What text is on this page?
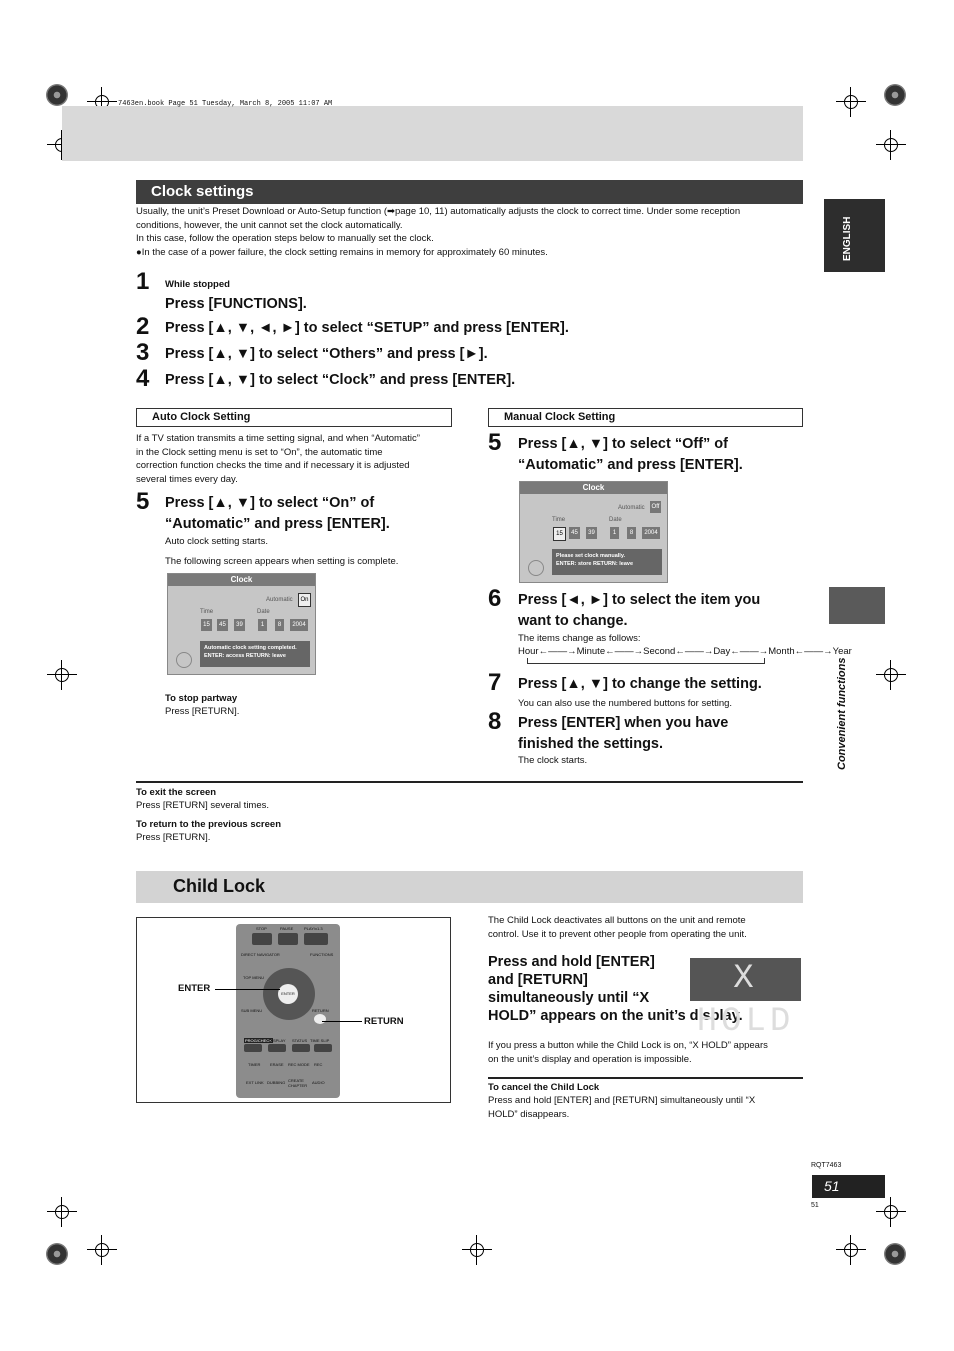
7463en.book Page 51 Tuesday, March 8, 2005 11:07 AM
Clock settings
Usually, the unit’s Preset Download or Auto-Setup function (➡page 10, 11) automatically adjusts the clock to correct time. Under some reception
conditions, however, the unit cannot set the clock automatically.
In this case, follow the operation steps below to manually set the clock.
●In the case of a power failure, the clock setting remains in memory for approximately 60 minutes.
1 While stopped
Press [FUNCTIONS].
2 Press [▲, ▼, ◄, ►] to select “SETUP” and press [ENTER].
3 Press [▲, ▼] to select “Others” and press [►].
4 Press [▲, ▼] to select “Clock” and press [ENTER].
Auto Clock Setting
If a TV station transmits a time setting signal, and when “Automatic”
in the Clock setting menu is set to “On”, the automatic time
correction function checks the time and if necessary it is adjusted
several times every day.
5 Press [▲, ▼] to select “On” of
“Automatic” and press [ENTER].
Auto clock setting starts.
The following screen appears when setting is complete.
Clock
Automatic	On
Time	Date
15	45	39	1	8	2004
Automatic clock setting completed.
ENTER: access RETURN: leave
To stop partway
Press [RETURN].
Manual Clock Setting
5 Press [▲, ▼] to select “Off” of
“Automatic” and press [ENTER].
Clock
Automatic Off
Time	Date
15	45	39	1	8	2004
Please set clock manually.
ENTER: store RETURN: leave
6 Press [◄, ►] to select the item you
want to change.
The items change as follows:
Hour←——→Minute←——→Second←——→Day←——→Month←——→Year
7 Press [▲, ▼] to change the setting.
You can also use the numbered buttons for setting.
8 Press [ENTER] when you have
finished the settings.
The clock starts.
To exit the screen
Press [RETURN] several times.
To return to the previous screen
Press [RETURN].
Child Lock
STOP	PAUSE	PLAY/x1.3
DIRECT NAVIGATOR	FUNCTIONS
TOP MENU
ENTER
SUB MENU	RETURN
PROG/CHECK
DISPLAY STATUS TIME SLIP
TIMER ERASE REC MODE REC
EXT LINK DUBBING CREATE CHAPTER
AUDIO
ENTER
RETURN
The Child Lock deactivates all buttons on the unit and remote
control. Use it to prevent other people from operating the unit.
Press and hold [ENTER]
and [RETURN]
simultaneously until “X
HOLD” appears on the unit’s display.
X HOLD
If you press a button while the Child Lock is on, “X HOLD” appears
on the unit’s display and operation is impossible.
To cancel the Child Lock
Press and hold [ENTER] and [RETURN] simultaneously until “X
HOLD” disappears.
ENGLISH
Convenient functions
RQT7463
51
51
